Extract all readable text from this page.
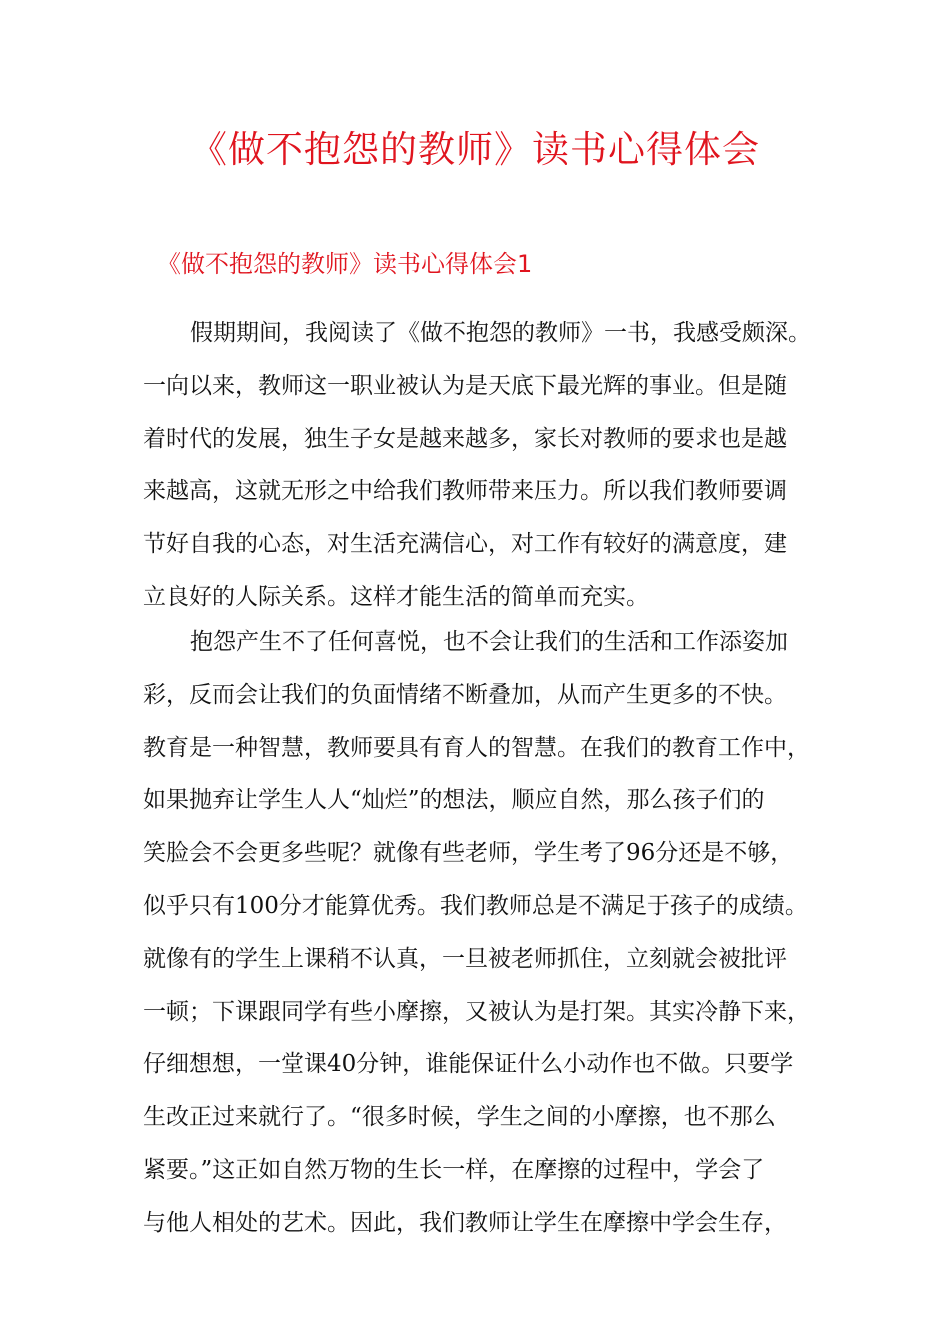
《做不抱怨的教师》读书心得体会
《做不抱怨的教师》读书心得体会1
假期期间，我阅读了《做不抱怨的教师》一书，我感受颇深。
一向以来，教师这一职业被认为是天底下最光辉的事业。但是随
着时代的发展，独生子女是越来越多，家长对教师的要求也是越
来越高，这就无形之中给我们教师带来压力。所以我们教师要调
节好自我的心态，对生活充满信心，对工作有较好的满意度，建
立良好的人际关系。这样才能生活的简单而充实。
抱怨产生不了任何喜悦，也不会让我们的生活和工作添姿加
彩，反而会让我们的负面情绪不断叠加，从而产生更多的不快。
教育是一种智慧，教师要具有育人的智慧。在我们的教育工作中，
如果抛弃让学生人人“灿烂”的想法，顺应自然，那么孩子们的
笑脸会不会更多些呢？就像有些老师，学生考了96分还是不够，
似乎只有100分才能算优秀。我们教师总是不满足于孩子的成绩。
就像有的学生上课稍不认真，一旦被老师抓住，立刻就会被批评
一顿；下课跟同学有些小摩擦，又被认为是打架。其实冷静下来，
仔细想想，一堂课40分钟，谁能保证什么小动作也不做。只要学
生改正过来就行了。“很多时候，学生之间的小摩擦，也不那么
紧要。”这正如自然万物的生长一样，在摩擦的过程中，学会了
与他人相处的艺术。因此，我们教师让学生在摩擦中学会生存，
